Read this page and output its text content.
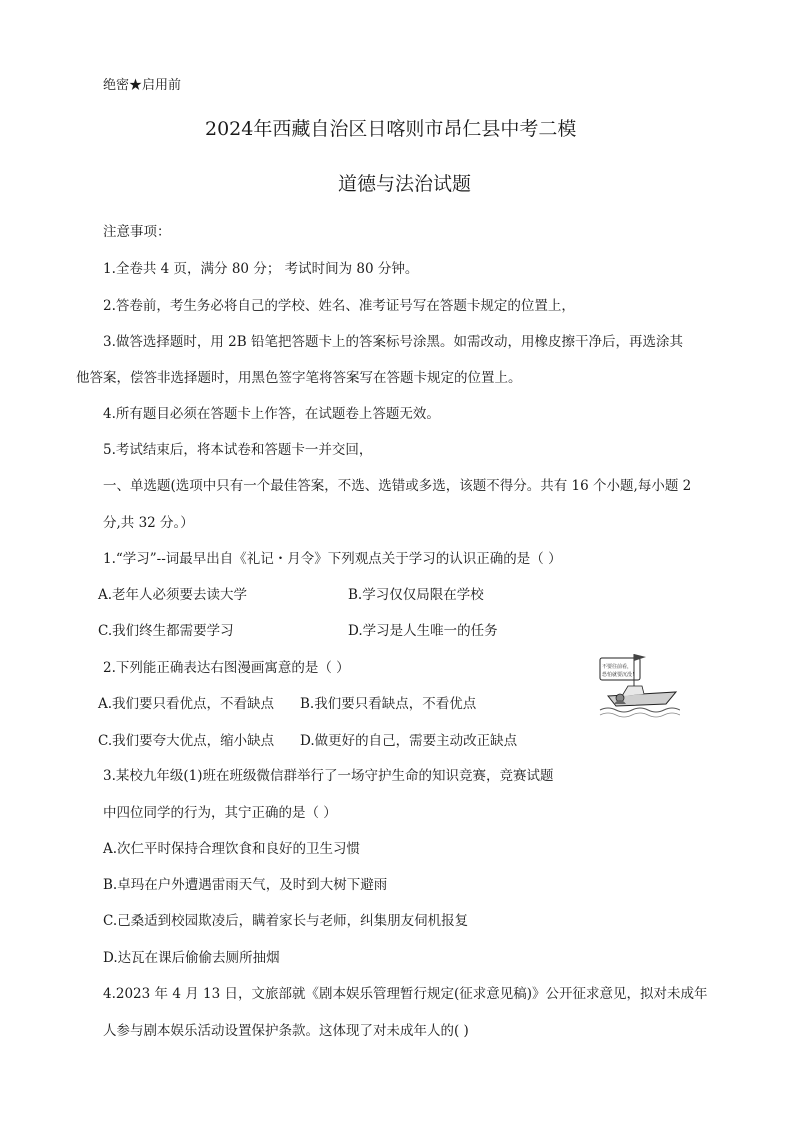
绝密★启用前
2024年西藏自治区日喀则市昂仁县中考二模
道德与法治试题
注意事项：
1.全卷共 4 页，满分 80 分； 考试时间为 80 分钟。
2.答卷前，考生务必将自己的学校、姓名、准考证号写在答题卡规定的位置上，
3.做答选择题时，用 2B 铅笔把答题卡上的答案标号涂黑。如需改动，用橡皮擦干净后，再选涂其
他答案，偿答非选择题时，用黑色签字笔将答案写在答题卡规定的位置上。
4.所有题目必须在答题卡上作答，在试题卷上答题无效。
5.考试结束后，将本试卷和答题卡一并交回，
一、单选题(选项中只有一个最佳答案，不选、选错或多选，该题不得分。共有 16 个小题,每小题 2
分,共 32 分。）
1.“学习”--词最早出自《礼记・月令》下列观点关于学习的认识正确的是（ ）
A.老年人必须要去读大学	B.学习仅仅局限在学校
C.我们终生都需要学习	D.学习是人生唯一的任务
2.下列能正确表达右图漫画寓意的是（ ）
A.我们要只看优点，不看缺点 B.我们要只看缺点，不看优点
C.我们要夸大优点，缩小缺点 D.做更好的自己，需要主动改正缺点
不要往前看，
恐怕就要沉没！
3.某校九年级(1)班在班级微信群举行了一场守护生命的知识竞赛，竞赛试题
中四位同学的行为，其宁正确的是（ ）
A.次仁平时保持合理饮食和良好的卫生习惯
B.卓玛在户外遭遇雷雨天气，及时到大树下避雨
C.己桑适到校园欺凌后，瞒着家长与老师，纠集朋友伺机报复
D.达瓦在课后偷偷去厕所抽烟
4.2023 年 4 月 13 日，文旅部就《剧本娱乐管理暂行规定(征求意见稿)》公开征求意见，拟对未成年
人参与剧本娱乐活动设置保护条款。这体现了对未成年人的( )
